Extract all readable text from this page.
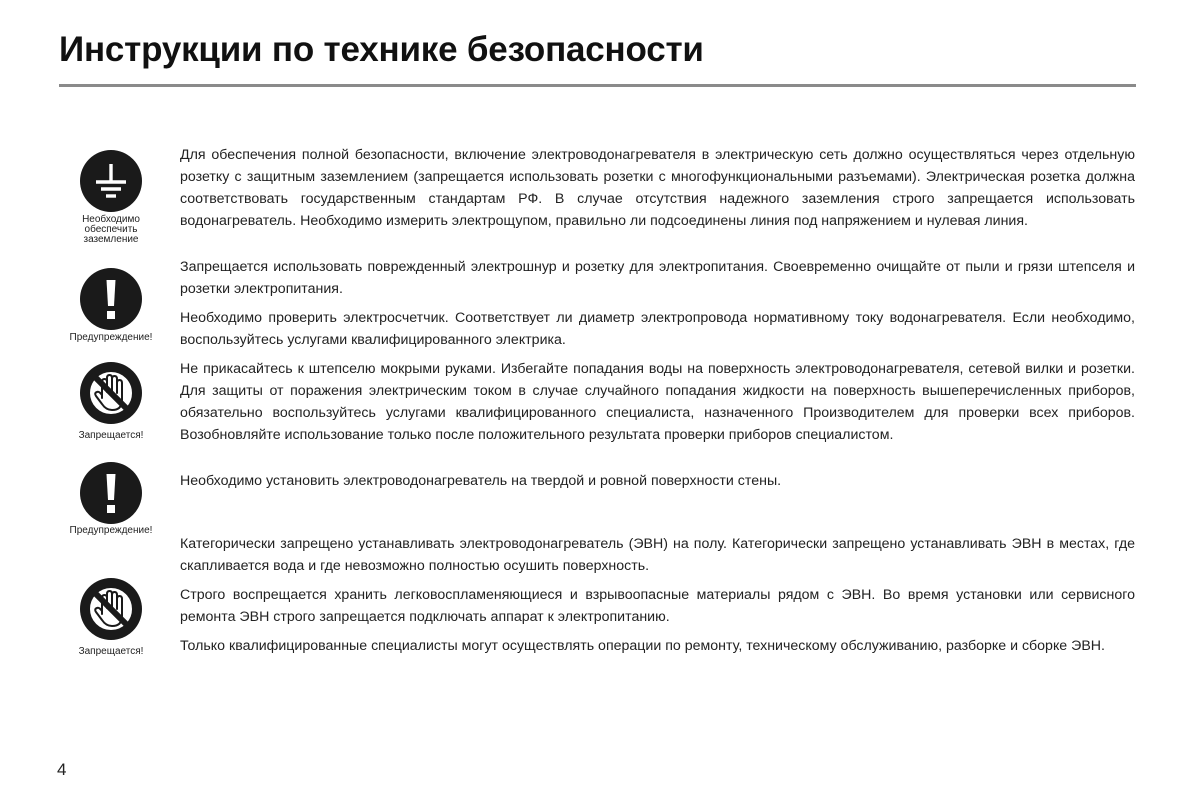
Инструкции по технике безопасности
Необходимо обеспечить заземление
Предупреждение!
Запрещается!
Предупреждение!
Запрещается!

Для обеспечения полной безопасности, включение электроводонагревателя в электрическую сеть должно осуществляться через отдельную розетку с защитным заземлением (запрещается использовать розетки с многофункциональными разъемами). Электрическая розетка должна соответствовать государственным стандартам РФ. В случае отсутствия надежного заземления строго запрещается использовать водонагреватель. Необходимо измерить электрощупом, правильно ли подсоединены линия под напряжением и нулевая линия.

Запрещается использовать поврежденный электрошнур и розетку для электропитания. Своевременно очищайте от пыли и грязи штепселя и розетки электропитания.

Необходимо проверить электросчетчик. Соответствует ли диаметр электропровода нормативному току водонагревателя. Если необходимо, воспользуйтесь услугами квалифицированного электрика.

Не прикасайтесь к штепселю мокрыми руками. Избегайте попадания воды на поверхность электроводонагревателя, сетевой вилки и розетки. Для защиты от поражения электрическим током в случае случайного попадания жидкости на поверхность вышеперечисленных приборов, обязательно воспользуйтесь услугами квалифицированного специалиста, назначенного Производителем для проверки всех приборов. Возобновляйте использование только после положительного результата проверки приборов специалистом.

Необходимо установить электроводонагреватель на твердой и ровной поверхности стены.

Категорически запрещено устанавливать электроводонагреватель (ЭВН) на полу. Категорически запрещено устанавливать ЭВН в местах, где скапливается вода и где невозможно полностью осушить поверхность.

Строго воспрещается хранить легковоспламеняющиеся и взрывоопасные материалы рядом с ЭВН. Во время установки или сервисного ремонта ЭВН строго запрещается подключать аппарат к электропитанию.

Только квалифицированные специалисты могут осуществлять операции по ремонту, техническому обслуживанию, разборке и сборке ЭВН.

4
